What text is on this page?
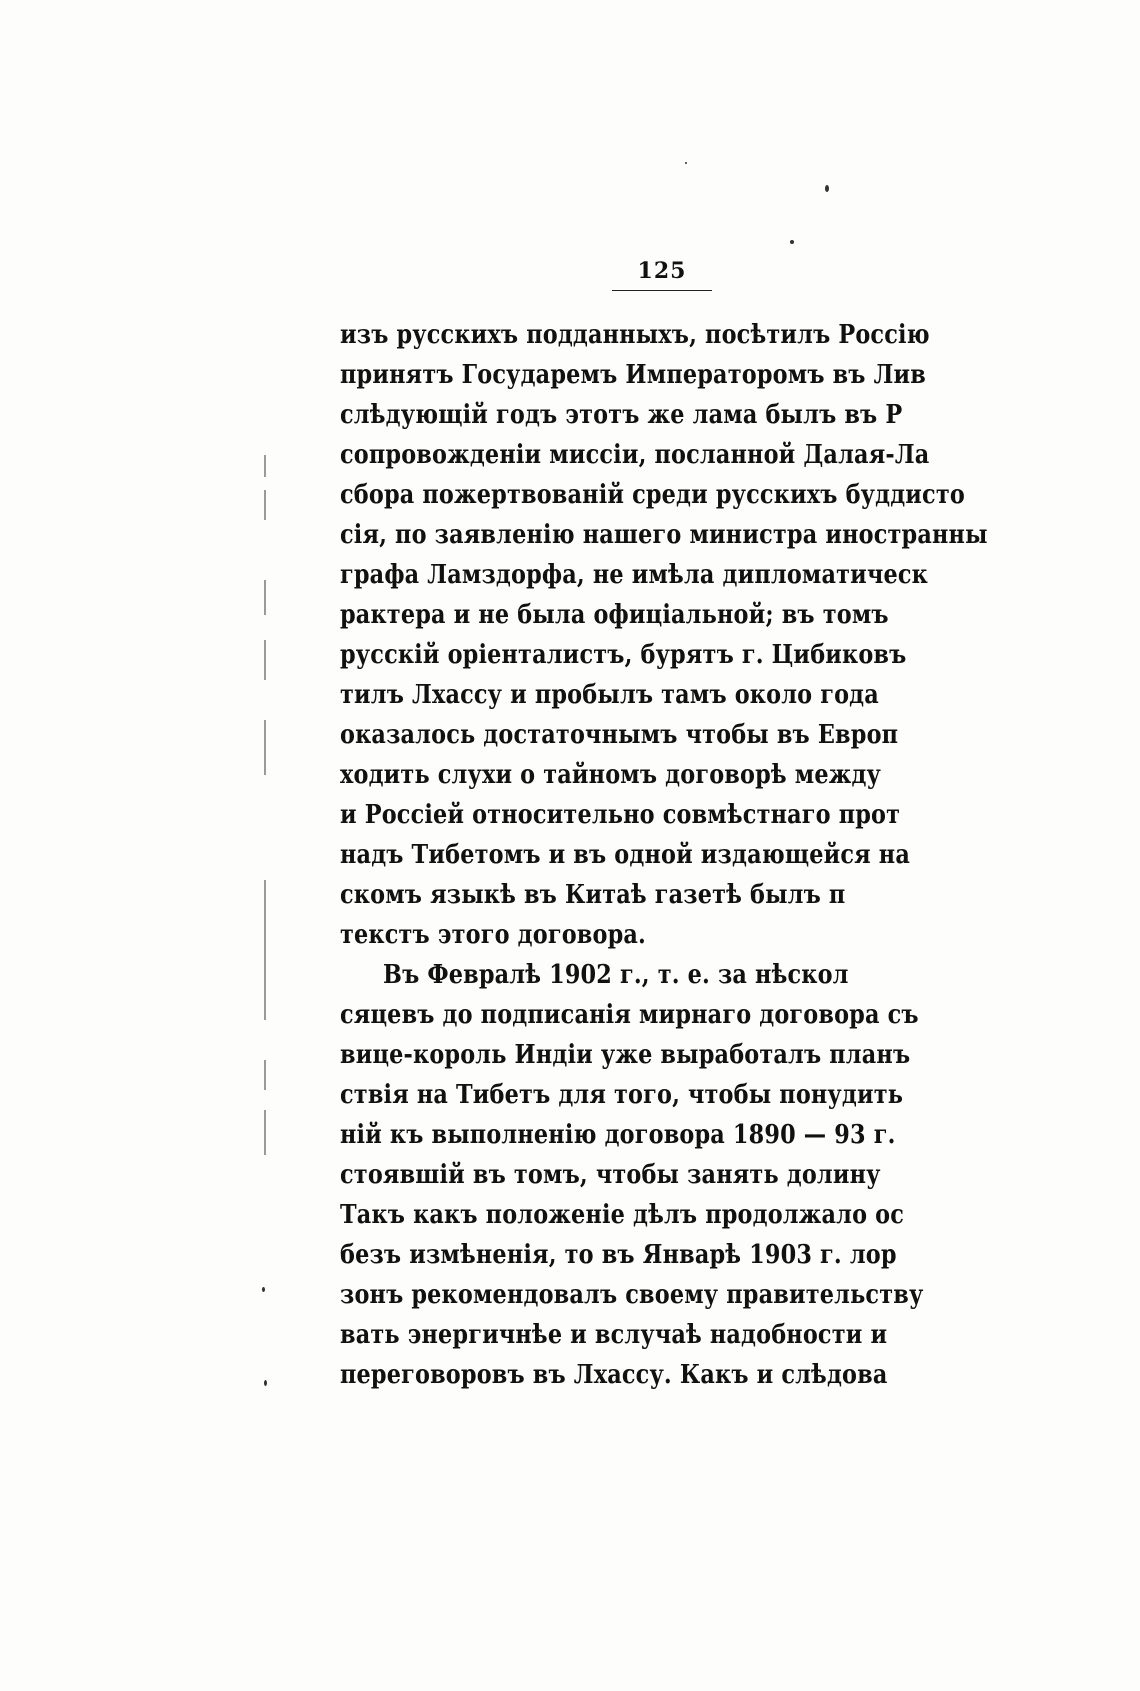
125
изъ русскихъ подданныхъ, посѣтилъ Россію
принятъ Государемъ Императоромъ въ Лив
слѣдующій годъ этотъ же лама былъ въ Р
сопровожденіи миссіи, посланной Далая-Ла
сбора пожертвованій среди русскихъ буддисто
сія, по заявленію нашего министра иностранны
графа Ламздорфа, не имѣла дипломатическ
рактера и не была офиціальной; въ томъ
русскій оріенталистъ, бурятъ г. Цибиковъ
тилъ Лхассу и пробылъ тамъ около года
оказалось достаточнымъ чтобы въ Европ
ходить слухи о тайномъ договорѣ между
и Россіей относительно совмѣстнаго прот
надъ Тибетомъ и въ одной издающейся на
скомъ языкѣ въ Китаѣ газетѣ былъ п
текстъ этого договора.
Въ Февралѣ 1902 г., т. е. за нѣскол
сяцевъ до подписанія мирнаго договора съ
вице-король Индіи уже выработалъ планъ
ствія на Тибетъ для того, чтобы понудить
ній къ выполненію договора 1890 — 93 г.
стоявшій въ томъ, чтобы занять долину
Такъ какъ положеніе дѣлъ продолжало ос
безъ измѣненія, то въ Январѣ 1903 г. лор
зонъ рекомендовалъ своему правительству
вать энергичнѣе и вслучаѣ надобности и
переговоровъ въ Лхассу. Какъ и слѣдова
